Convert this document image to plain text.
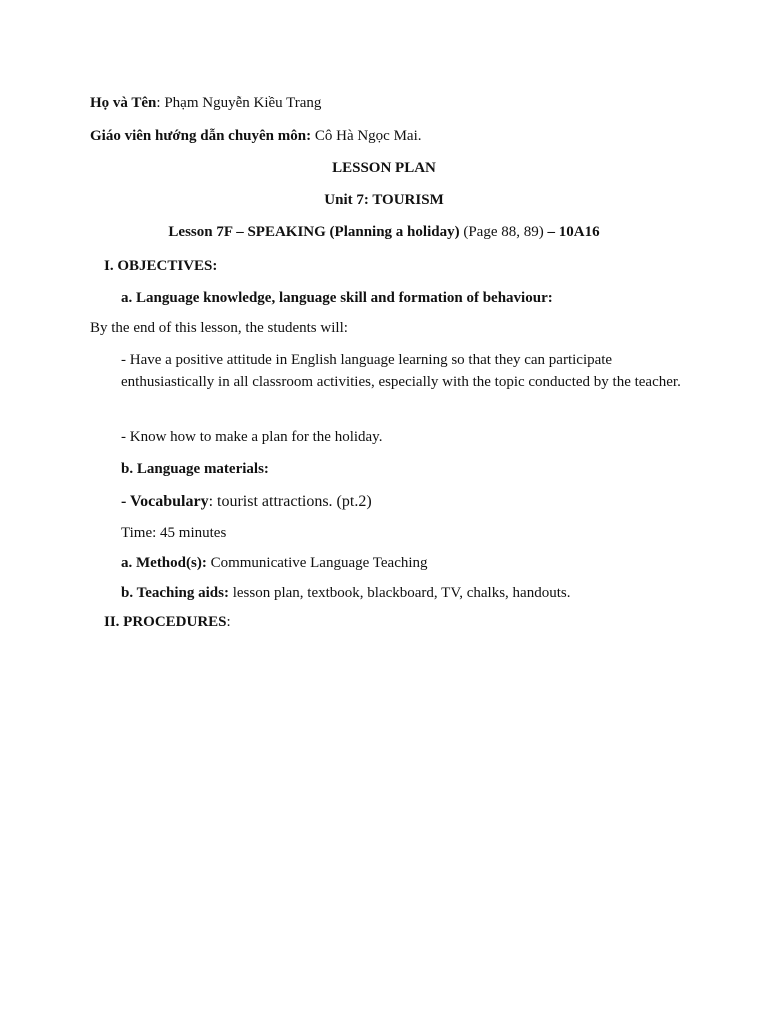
Họ và Tên: Phạm Nguyễn Kiều Trang
Giáo viên hướng dẫn chuyên môn: Cô Hà Ngọc Mai.
LESSON PLAN
Unit 7: TOURISM
Lesson 7F – SPEAKING (Planning a holiday) (Page 88, 89) – 10A16
I. OBJECTIVES:
a. Language knowledge, language skill and formation of behaviour:
By the end of this lesson, the students will:
- Have a positive attitude in English language learning so that they can participate enthusiastically in all classroom activities, especially with the topic conducted by the teacher.
- Know how to make a plan for the holiday.
b. Language materials:
- Vocabulary: tourist attractions. (pt.2)
Time: 45 minutes
a. Method(s): Communicative Language Teaching
b. Teaching aids: lesson plan, textbook, blackboard, TV, chalks, handouts.
II. PROCEDURES:
